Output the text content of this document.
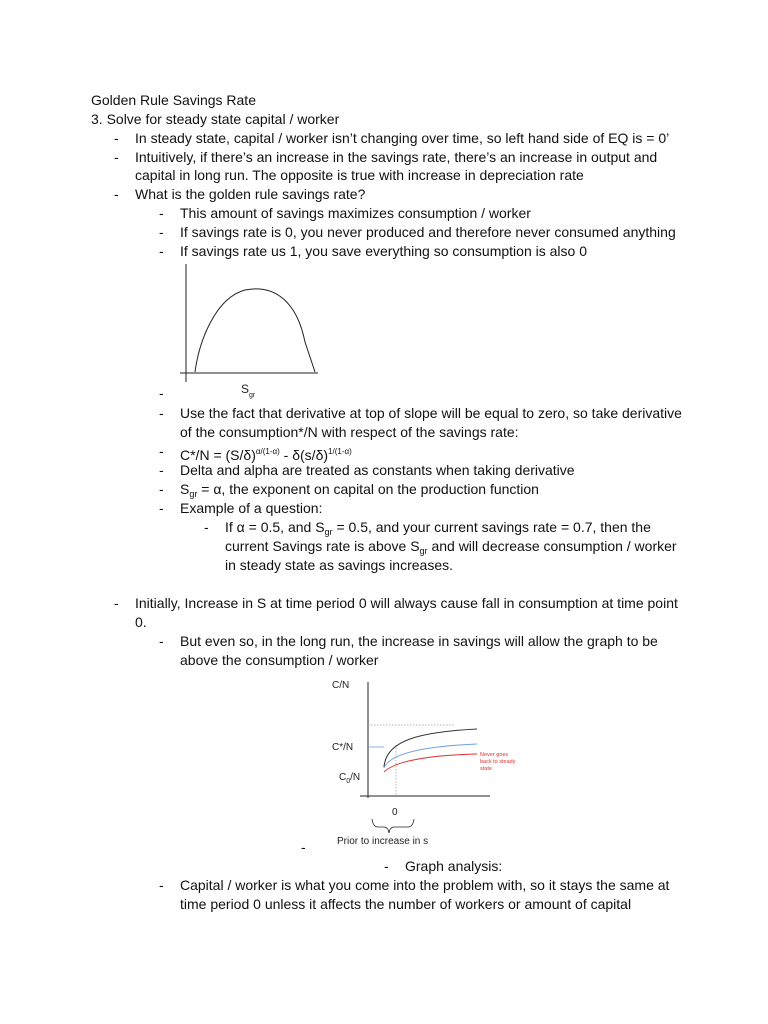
Golden Rule Savings Rate
3. Solve for steady state capital / worker
-	In steady state, capital / worker isn’t changing over time, so left hand side of EQ is = 0’
-	Intuitively, if there’s an increase in the savings rate, there’s an increase in output and
capital in long run. The opposite is true with increase in depreciation rate
-	What is the golden rule savings rate?
-	This amount of savings maximizes consumption / worker
-	If savings rate is 0, you never produced and therefore never consumed anything
-	If savings rate us 1, you save everything so consumption is also 0
$S_{gr}$
-
-	Use the fact that derivative at top of slope will be equal to zero, so take derivative
of the consumption*/N with respect of the savings rate:
-	$C*/N = (S/\delta)^{\alpha/(1-\alpha)} - \delta(s/\delta)^{1/(1-\alpha)}$
-	Delta and alpha are treated as constants when taking derivative
-	$S_{gr} = \alpha$, the exponent on capital on the production function
-	Example of a question:
-	If α = 0.5, and $S_{gr} = 0.5$, and your current savings rate = 0.7, then the
current Savings rate is above $S_{gr}$ and will decrease consumption / worker
in steady state as savings increases.
-	Initially, Increase in S at time period 0 will always cause fall in consumption at time point
0.
-	But even so, in the long run, the increase in savings will allow the graph to be
above the consumption / worker
C/N
C*/N
$C_0/N$
0
Never goes
back to steady
state
Prior to increase in s
-
-	Graph analysis:
-	Capital / worker is what you come into the problem with, so it stays the same at
time period 0 unless it affects the number of workers or amount of capital
